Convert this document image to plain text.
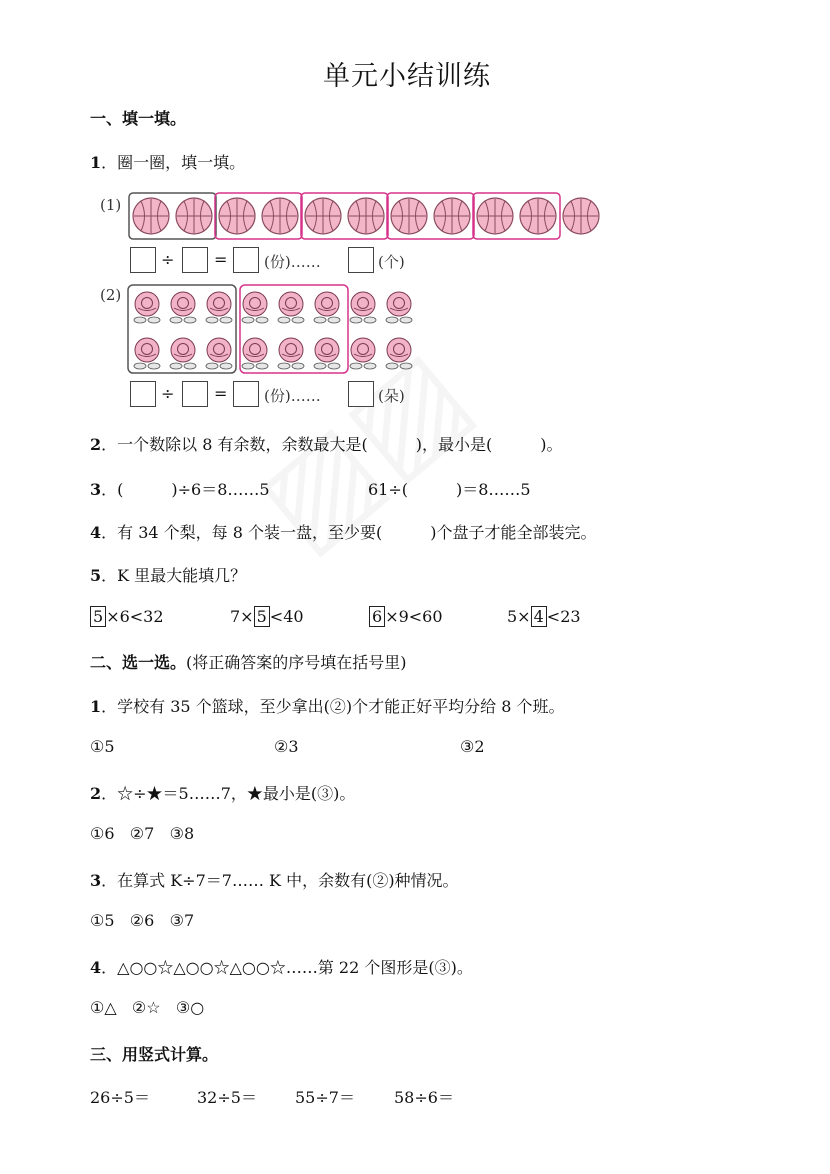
单元小结训练
一、填一填。
1．圈一圈，填一填。
(1)
÷ = (份)……	(个)
(2)
÷ = (份)……	(朵)
2．一个数除以 8 有余数，余数最大是(　　　)，最小是(　　　)。
3．(　　　)÷6＝8……5	61÷(　　　)＝8……5
4．有 34 个梨，每 8 个装一盘，至少要(　　　)个盘子才能全部装完。
5．K 里最大能填几？
5 ×6<32	7× 5 <40	6 ×9<60	5× 4 <23
二、选一选。(将正确答案的序号填在括号里)
1．学校有 35 个篮球，至少拿出(②)个才能正好平均分给 8 个班。
①5	②3	③2
2．☆÷★＝5……7，★最小是(③)。
①6 ②7 ③8
3．在算式 K÷7＝7…… K 中，余数有(②)种情况。
①5 ②6 ③7
4．△○○☆△○○☆△○○☆……第 22 个图形是(③)。
①△ ②☆ ③○
三、用竖式计算。
26÷5＝	32÷5＝ 55÷7＝ 58÷6＝
